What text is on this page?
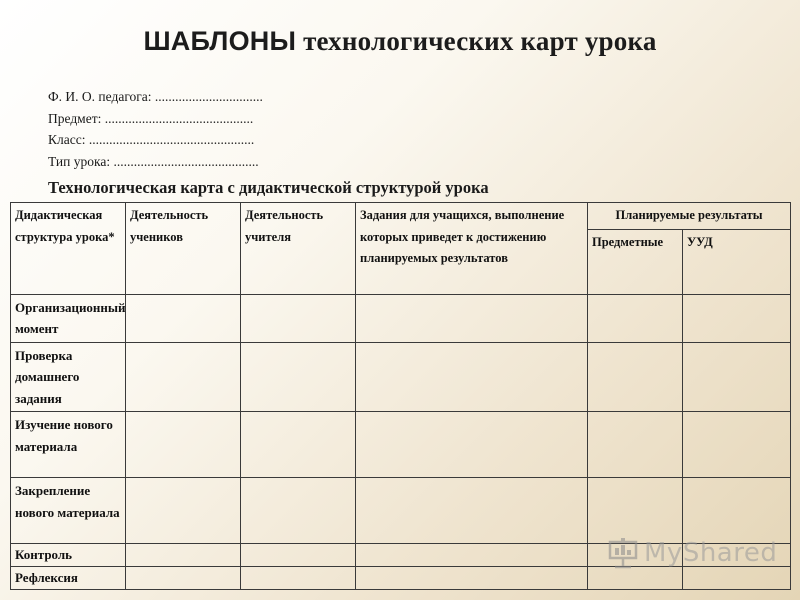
ШАБЛОНЫ технологических карт урока
Ф. И. О. педагога: ................................
Предмет: ............................................
Класс: .................................................
Тип урока: ...........................................
Технологическая карта с дидактической структурой урока
Дидактическая структура урока*	Деятельность учеников	Деятельность учителя	Задания для учащихся, выполнение которых приведет к достижению планируемых результатов	Планируемые результаты	
				Предметные	УУД
Организационный момент					
Проверка домашнего задания					
Изучение нового материала					
Закрепление нового материала					
Контроль					
Рефлексия					
MyShared
